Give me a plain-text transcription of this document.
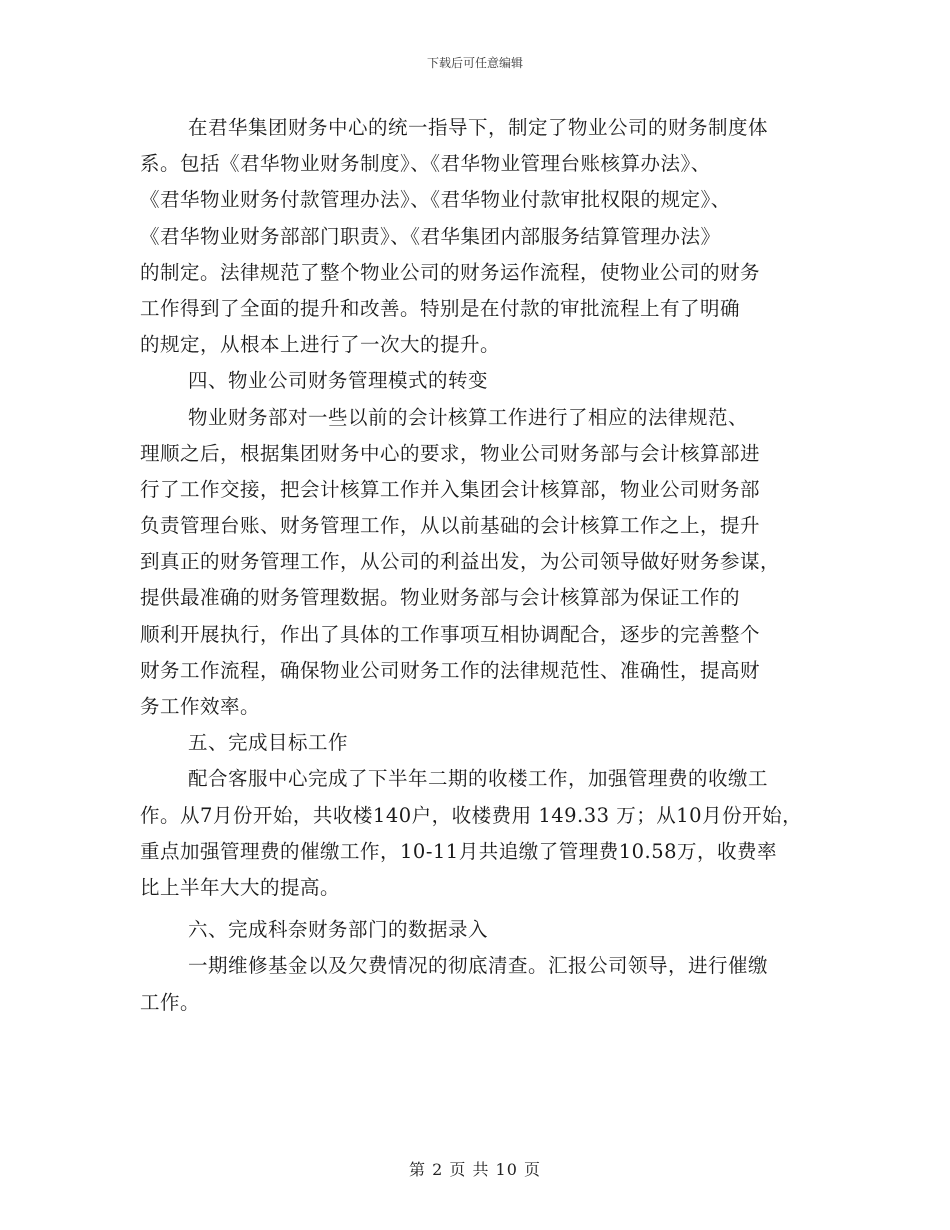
下载后可任意编辑
在君华集团财务中心的统一指导下，制定了物业公司的财务制度体
系。包括《君华物业财务制度》、《君华物业管理台账核算办法》、
《君华物业财务付款管理办法》、《君华物业付款审批权限的规定》、
《君华物业财务部部门职责》、《君华集团内部服务结算管理办法》
的制定。法律规范了整个物业公司的财务运作流程，使物业公司的财务
工作得到了全面的提升和改善。特别是在付款的审批流程上有了明确
的规定，从根本上进行了一次大的提升。
四、物业公司财务管理模式的转变
物业财务部对一些以前的会计核算工作进行了相应的法律规范、
理顺之后，根据集团财务中心的要求，物业公司财务部与会计核算部进
行了工作交接，把会计核算工作并入集团会计核算部，物业公司财务部
负责管理台账、财务管理工作，从以前基础的会计核算工作之上，提升
到真正的财务管理工作，从公司的利益出发，为公司领导做好财务参谋，
提供最准确的财务管理数据。物业财务部与会计核算部为保证工作的
顺利开展执行，作出了具体的工作事项互相协调配合，逐步的完善整个
财务工作流程，确保物业公司财务工作的法律规范性、准确性，提高财
务工作效率。
五、完成目标工作
配合客服中心完成了下半年二期的收楼工作，加强管理费的收缴工
作。从7月份开始，共收楼140户，收楼费用 149.33 万；从10月份开始，
重点加强管理费的催缴工作，10-11月共追缴了管理费10.58万，收费率
比上半年大大的提高。
六、完成科奈财务部门的数据录入
一期维修基金以及欠费情况的彻底清查。汇报公司领导，进行催缴
工作。
第 2 页 共 10 页
